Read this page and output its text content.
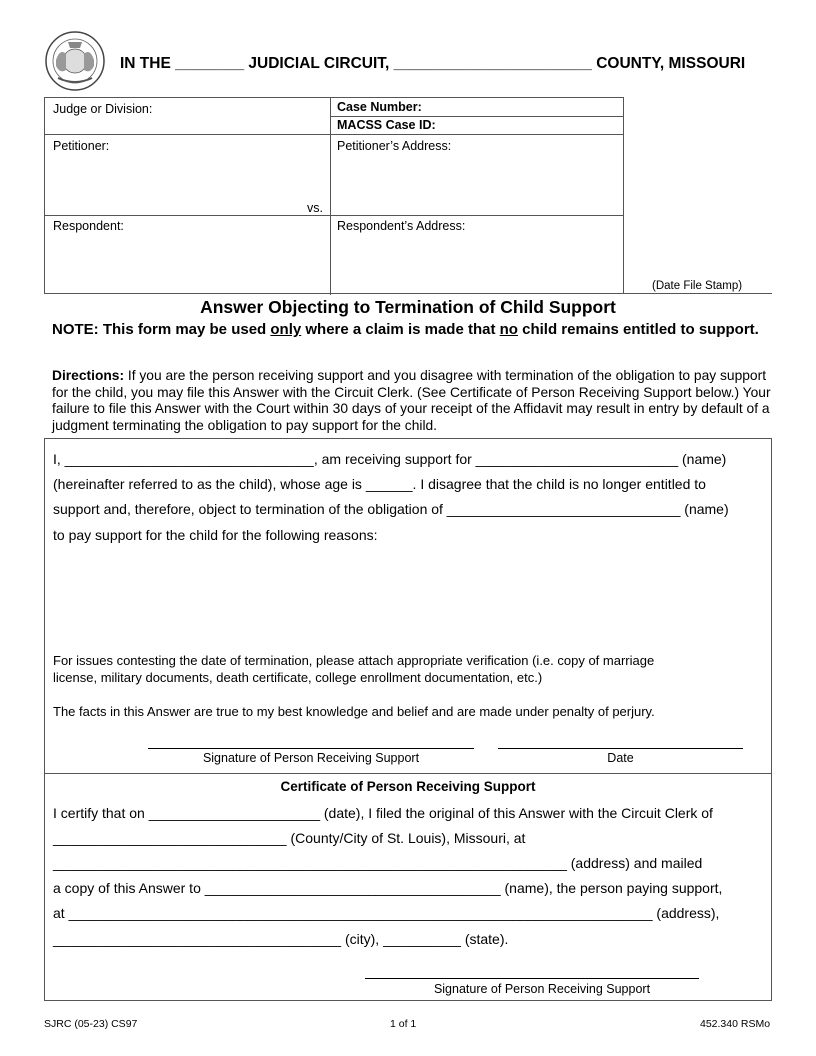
IN THE ________ JUDICIAL CIRCUIT, _______________________ COUNTY, MISSOURI
Judge or Division:	Case Number:
MACSS Case ID:
Petitioner:	Petitioner’s Address:
vs.
Respondent:	Respondent’s Address:
(Date File Stamp)
Answer Objecting to Termination of Child Support
NOTE: This form may be used only where a claim is made that no child remains entitled to support.
Directions: If you are the person receiving support and you disagree with termination of the obligation to pay support for the child, you may file this Answer with the Circuit Clerk. (See Certificate of Person Receiving Support below.) Your failure to file this Answer with the Court within 30 days of your receipt of the Affidavit may result in entry by default of a judgment terminating the obligation to pay support for the child.
I, ________________________________, am receiving support for __________________________ (name)
(hereinafter referred to as the child), whose age is ______. I disagree that the child is no longer entitled to
support and, therefore, object to termination of the obligation of ______________________________ (name)
to pay support for the child for the following reasons:
For issues contesting the date of termination, please attach appropriate verification (i.e. copy of marriage
license, military documents, death certificate, college enrollment documentation, etc.)
The facts in this Answer are true to my best knowledge and belief and are made under penalty of perjury.
Signature of Person Receiving Support	Date
I certify that on ______________________ (date), I filed the original of this Answer with the Circuit Clerk of
______________________________ (County/City of St. Louis), Missouri, at
__________________________________________________________________ (address) and mailed
a copy of this Answer to ______________________________________ (name), the person paying support,
at ___________________________________________________________________________ (address),
_____________________________________ (city), __________ (state).
Signature of Person Receiving Support
Certificate of Person Receiving Support
SJRC (05-23) CS97	1 of 1	452.340 RSMo
